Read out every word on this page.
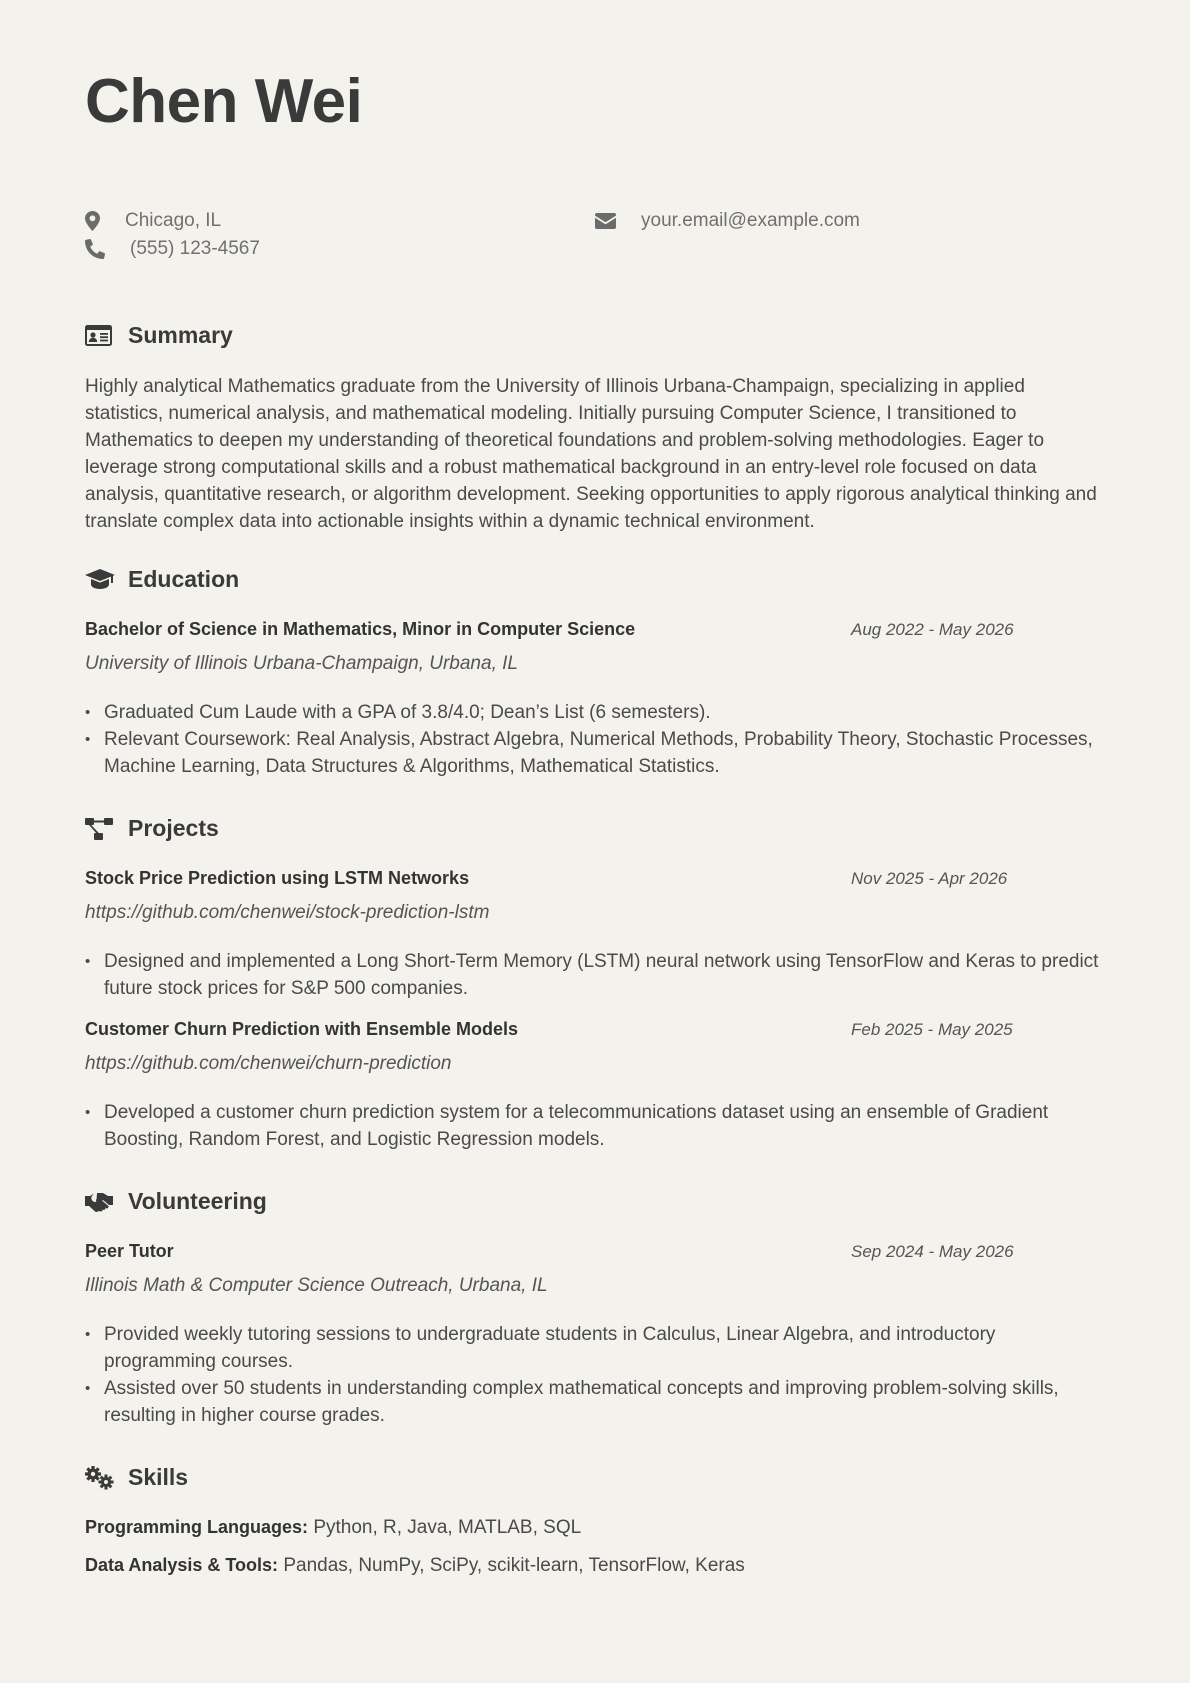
Chen Wei
Chicago, IL
(555) 123-4567
your.email@example.com
Summary

Highly analytical Mathematics graduate from the University of Illinois Urbana-Champaign, specializing in applied statistics, numerical analysis, and mathematical modeling. Initially pursuing Computer Science, I transitioned to Mathematics to deepen my understanding of theoretical foundations and problem-solving methodologies. Eager to leverage strong computational skills and a robust mathematical background in an entry-level role focused on data analysis, quantitative research, or algorithm development. Seeking opportunities to apply rigorous analytical thinking and translate complex data into actionable insights within a dynamic technical environment.

Education
Bachelor of Science in Mathematics, Minor in Computer Science	Aug 2022 - May 2026
University of Illinois Urbana-Champaign, Urbana, IL
• Graduated Cum Laude with a GPA of 3.8/4.0; Dean’s List (6 semesters).
• Relevant Coursework: Real Analysis, Abstract Algebra, Numerical Methods, Probability Theory, Stochastic Processes, Machine Learning, Data Structures & Algorithms, Mathematical Statistics.
Projects
Stock Price Prediction using LSTM Networks	Nov 2025 - Apr 2026
https://github.com/chenwei/stock-prediction-lstm
• Designed and implemented a Long Short-Term Memory (LSTM) neural network using TensorFlow and Keras to predict future stock prices for S&P 500 companies.
Customer Churn Prediction with Ensemble Models	Feb 2025 - May 2025
https://github.com/chenwei/churn-prediction
• Developed a customer churn prediction system for a telecommunications dataset using an ensemble of Gradient Boosting, Random Forest, and Logistic Regression models.
Volunteering
Peer Tutor	Sep 2024 - May 2026
Illinois Math & Computer Science Outreach, Urbana, IL
• Provided weekly tutoring sessions to undergraduate students in Calculus, Linear Algebra, and introductory programming courses.
• Assisted over 50 students in understanding complex mathematical concepts and improving problem-solving skills, resulting in higher course grades.
Skills
Programming Languages: Python, R, Java, MATLAB, SQL
Data Analysis & Tools: Pandas, NumPy, SciPy, scikit-learn, TensorFlow, Keras
